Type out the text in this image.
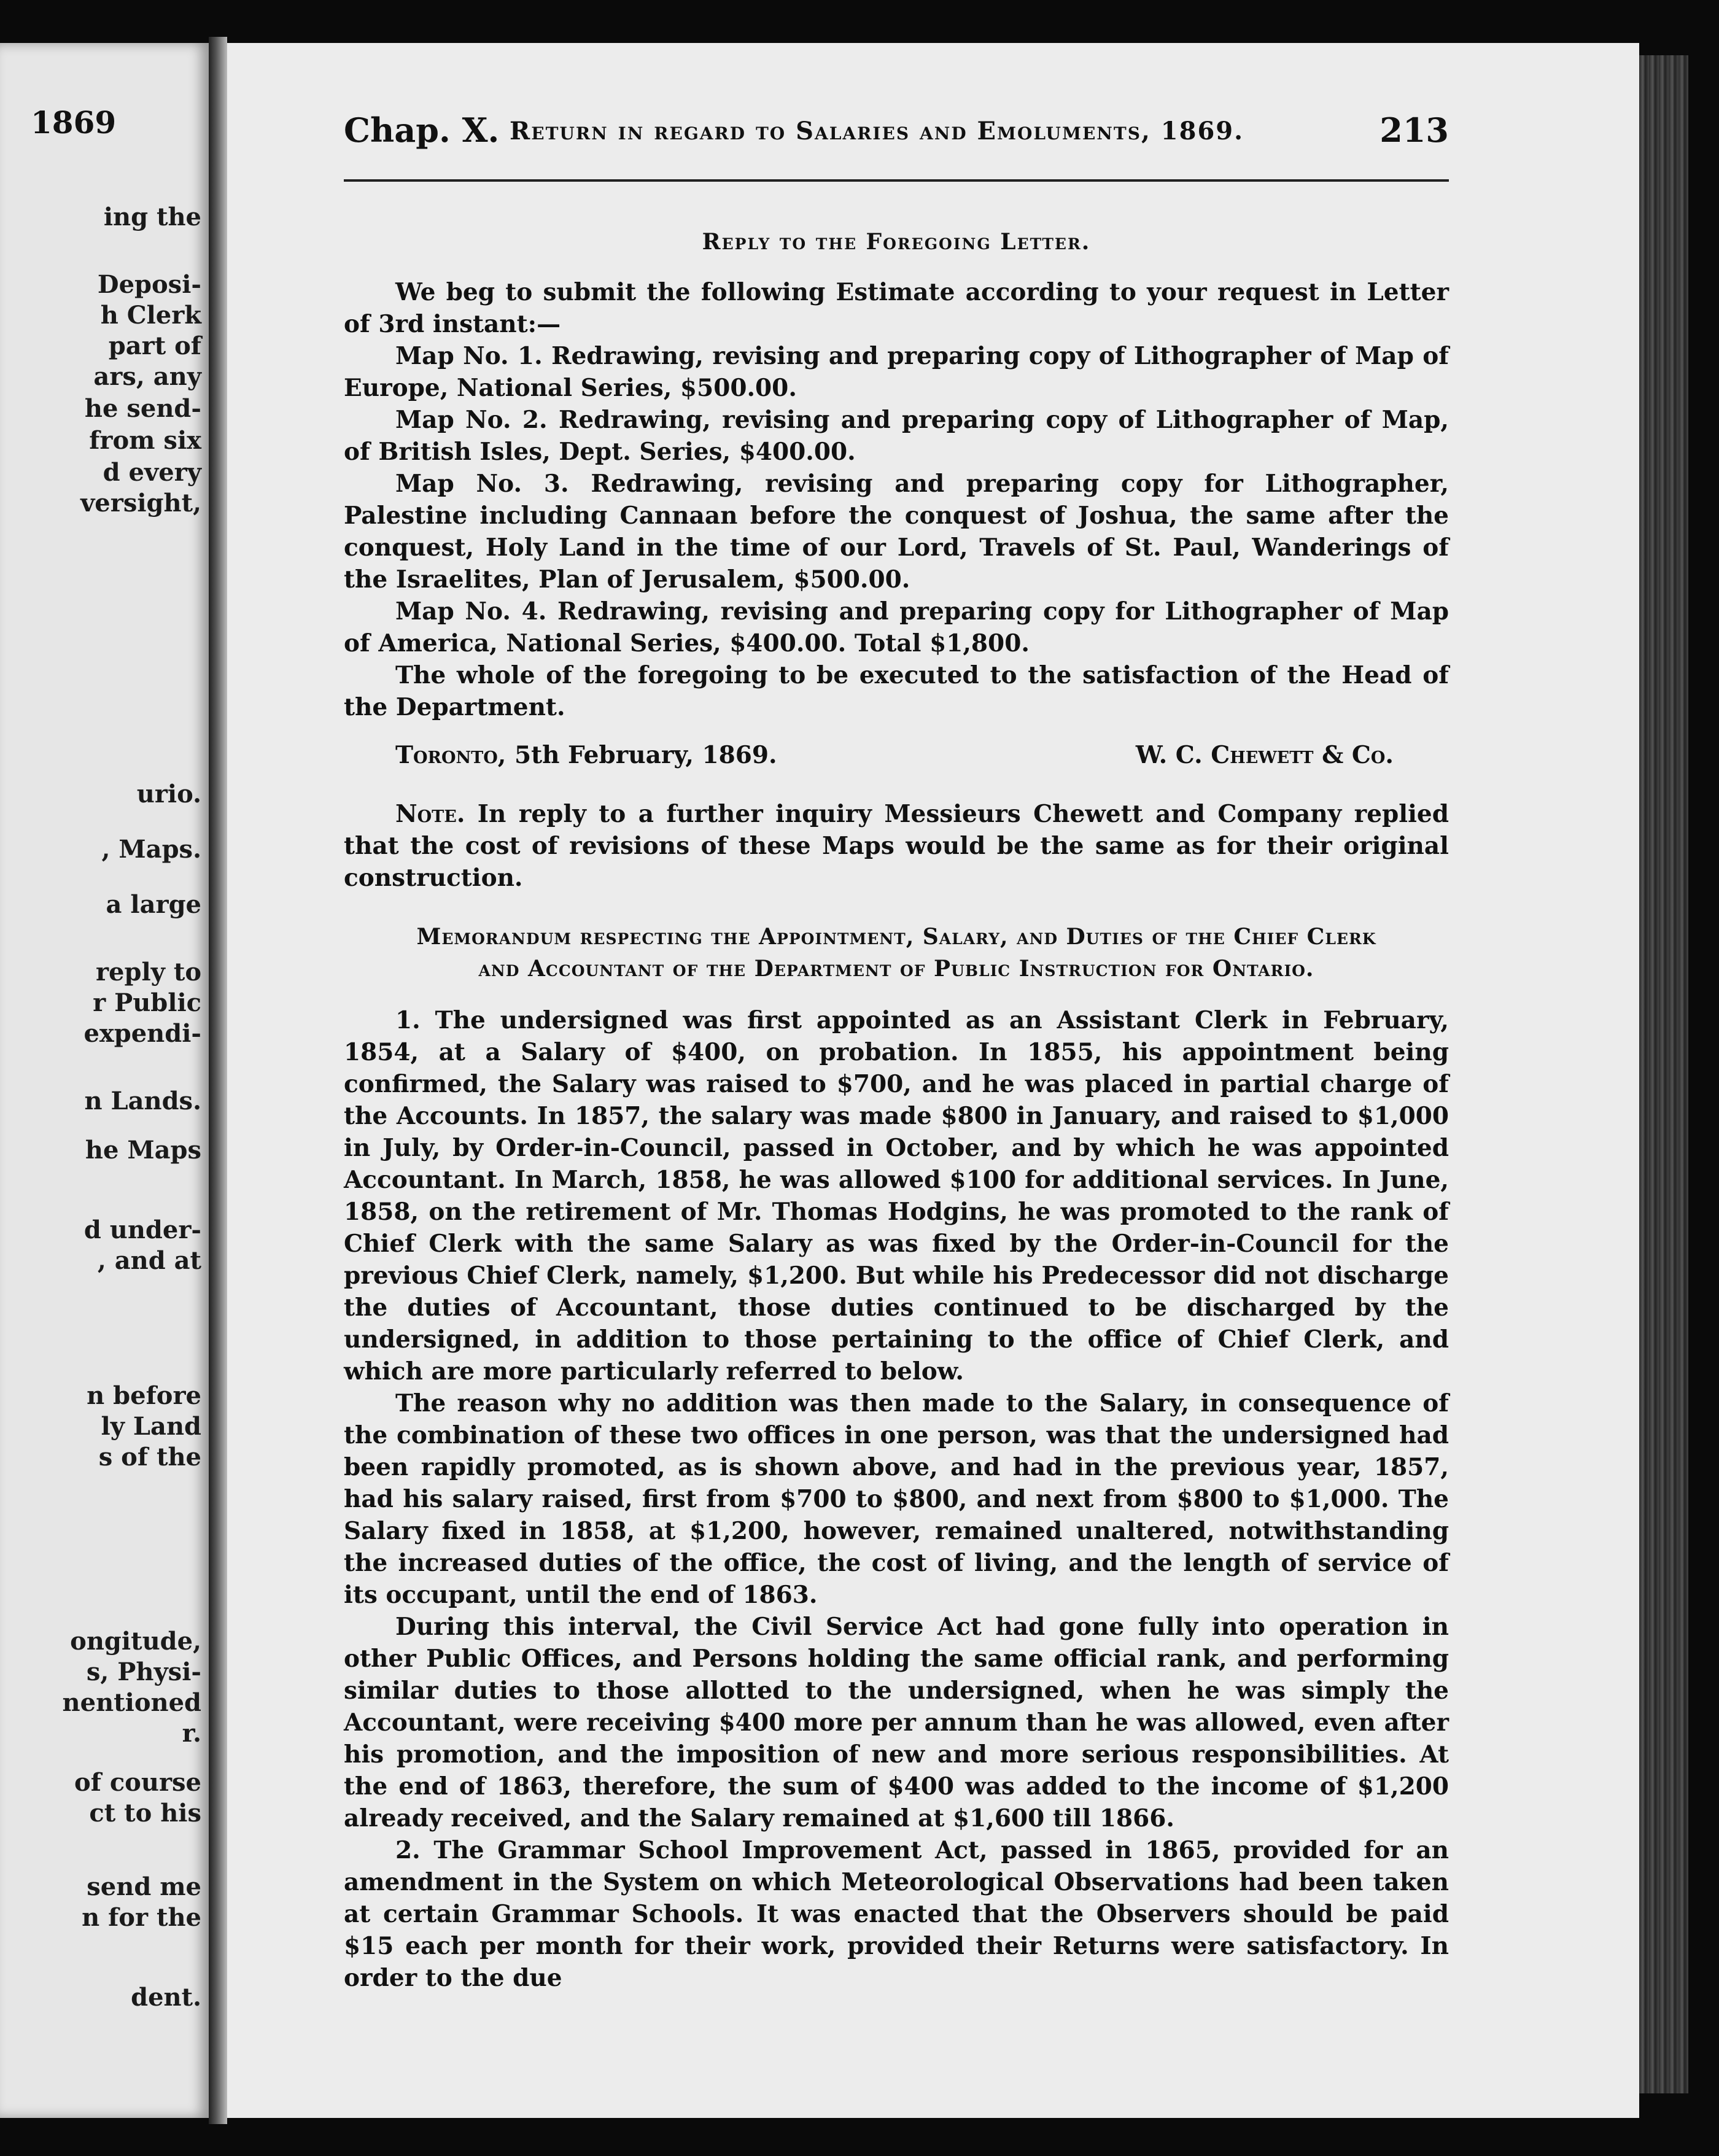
1869
ing the
Deposi-
h Clerk
part of
ars, any
he send-
from six
d every
versight,
urio.
, Maps.
a large
reply to
r Public
expendi-
n Lands.
he Maps
d under-
, and at
n before
ly Land
s of the
ongitude,
s, Physi-
nentioned
r.
of course
ct to his
send me
n for the
dent.
Chap. X. Return in regard to Salaries and Emoluments, 1869.	213
Reply to the Foregoing Letter.

We beg to submit the following Estimate according to your request in Letter of 3rd instant:—

Map No. 1. Redrawing, revising and preparing copy of Lithographer of Map of Europe, National Series, $500.00.

Map No. 2. Redrawing, revising and preparing copy of Lithographer of Map, of British Isles, Dept. Series, $400.00.

Map No. 3. Redrawing, revising and preparing copy for Lithographer, Palestine including Cannaan before the conquest of Joshua, the same after the conquest, Holy Land in the time of our Lord, Travels of St. Paul, Wanderings of the Israelites, Plan of Jerusalem, $500.00.

Map No. 4. Redrawing, revising and preparing copy for Lithographer of Map of America, National Series, $400.00. Total $1,800.

The whole of the foregoing to be executed to the satisfaction of the Head of the Department.

Toronto, 5th February, 1869.	W. C. Chewett & Co.

Note. In reply to a further inquiry Messieurs Chewett and Company replied that the cost of revisions of these Maps would be the same as for their original construction.

Memorandum respecting the Appointment, Salary, and Duties of the Chief Clerk
and Accountant of the Department of Public Instruction for Ontario.

1. The undersigned was first appointed as an Assistant Clerk in February, 1854, at a Salary of $400, on probation. In 1855, his appointment being confirmed, the Salary was raised to $700, and he was placed in partial charge of the Accounts. In 1857, the salary was made $800 in January, and raised to $1,000 in July, by Order-in-Council, passed in October, and by which he was appointed Accountant. In March, 1858, he was allowed $100 for additional services. In June, 1858, on the retirement of Mr. Thomas Hodgins, he was promoted to the rank of Chief Clerk with the same Salary as was fixed by the Order-in-Council for the previous Chief Clerk, namely, $1,200. But while his Predecessor did not discharge the duties of Accountant, those duties continued to be discharged by the undersigned, in addition to those pertaining to the office of Chief Clerk, and which are more particularly referred to below.

The reason why no addition was then made to the Salary, in consequence of the combination of these two offices in one person, was that the undersigned had been rapidly promoted, as is shown above, and had in the previous year, 1857, had his salary raised, first from $700 to $800, and next from $800 to $1,000. The Salary fixed in 1858, at $1,200, however, remained unaltered, notwithstanding the increased duties of the office, the cost of living, and the length of service of its occupant, until the end of 1863.

During this interval, the Civil Service Act had gone fully into operation in other Public Offices, and Persons holding the same official rank, and performing similar duties to those allotted to the undersigned, when he was simply the Accountant, were receiving $400 more per annum than he was allowed, even after his promotion, and the imposition of new and more serious responsibilities. At the end of 1863, therefore, the sum of $400 was added to the income of $1,200 already received, and the Salary remained at $1,600 till 1866.

2. The Grammar School Improvement Act, passed in 1865, provided for an amendment in the System on which Meteorological Observations had been taken at certain Grammar Schools. It was enacted that the Observers should be paid $15 each per month for their work, provided their Returns were satisfactory. In order to the due
